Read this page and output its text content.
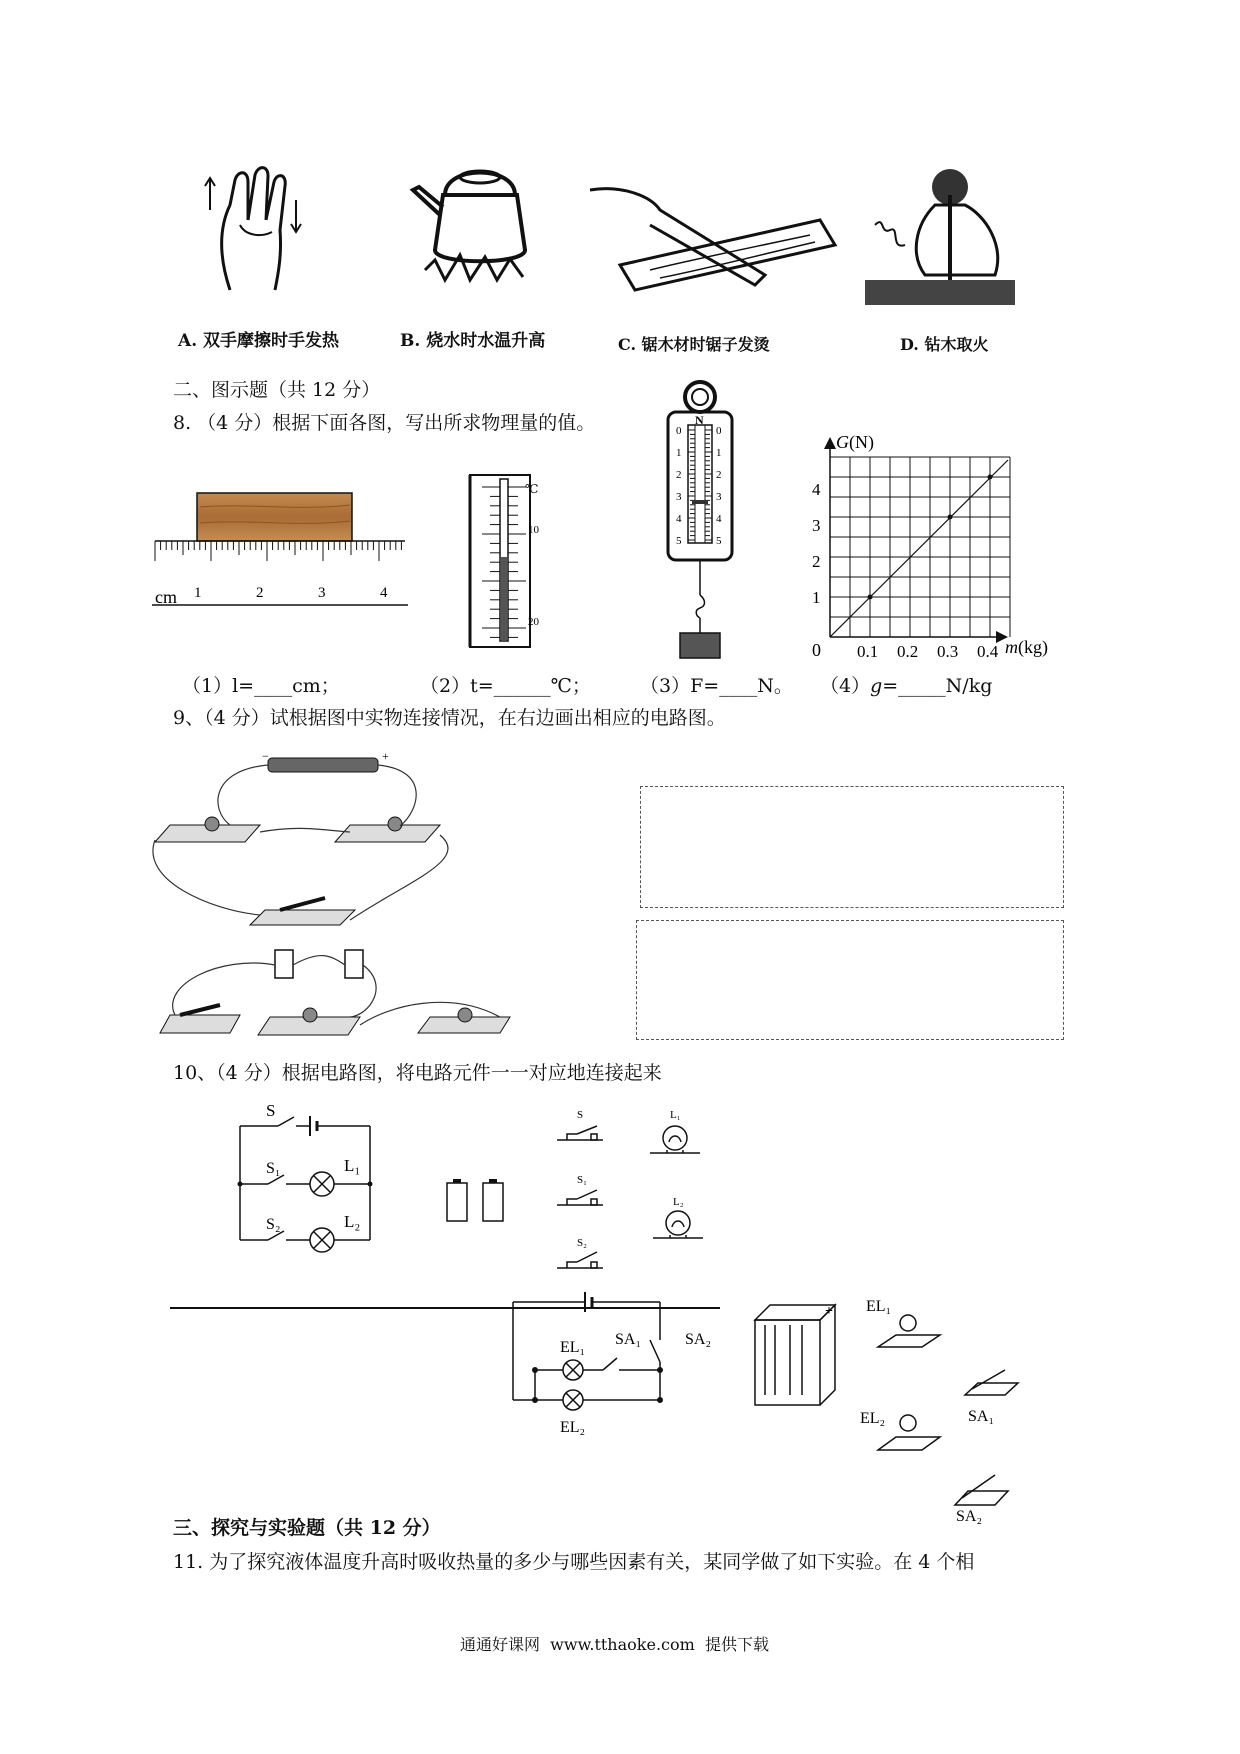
A. 双手摩擦时手发热	B. 烧水时水温升高	C. 锯木材时锯子发烫	D. 钻木取火
二、图示题（共 12 分）
8. （4 分）根据下面各图，写出所求物理量的值。
cm 1	2	3	4
℃
10
20
N
0	0
1	1
2	2
3	3
4	4
5	5
G(N)
m(kg)
0 0.1 0.2 0.3 0.4
1
2
3
4
（1）l=____cm；	（2）t=______℃；	（3）F=____N。 （4）g=_____N/kg
9、（4 分）试根据图中实物连接情况，在右边画出相应的电路图。
−	+
10、（4 分）根据电路图，将电路元件一一对应地连接起来
S
S₁	L₁
S₂	L₂
S
S₁
S₂
L₁
L₂
EL₁ SA₁	SA₂
EL₂
+ EL₁
SA₁
EL₂
SA₂
三、探究与实验题（共 12 分）
11. 为了探究液体温度升高时吸收热量的多少与哪些因素有关，某同学做了如下实验。在 4 个相
通通好课网  www.tthaoke.com  提供下载
